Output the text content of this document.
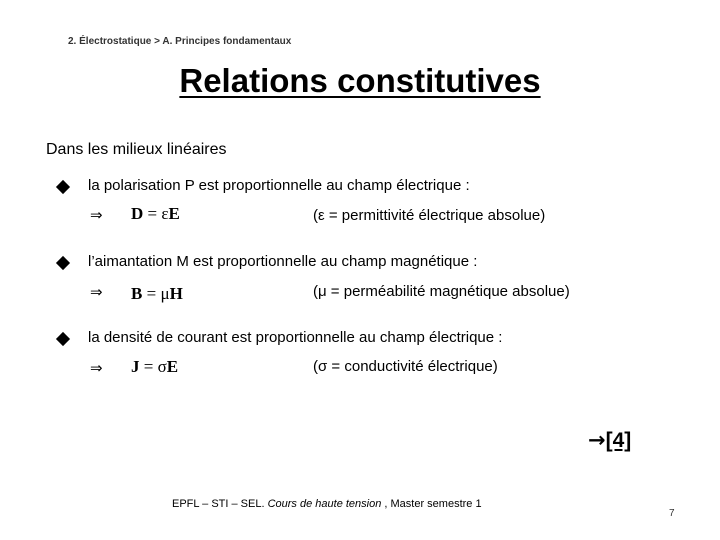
2. Électrostatique > A. Principes fondamentaux
Relations constitutives
Dans les milieux linéaires
la polarisation P est proportionnelle au champ électrique :
⇒ D = εE	(ε = permittivité électrique absolue)
l’aimantation M est proportionnelle au champ magnétique :
⇒ B = μH	(μ = perméabilité magnétique absolue)
la densité de courant est proportionnelle au champ électrique :
⇒ J = σE	(σ = conductivité électrique)
→[4]
EPFL – STI – SEL. Cours de haute tension , Master semestre 1
7
